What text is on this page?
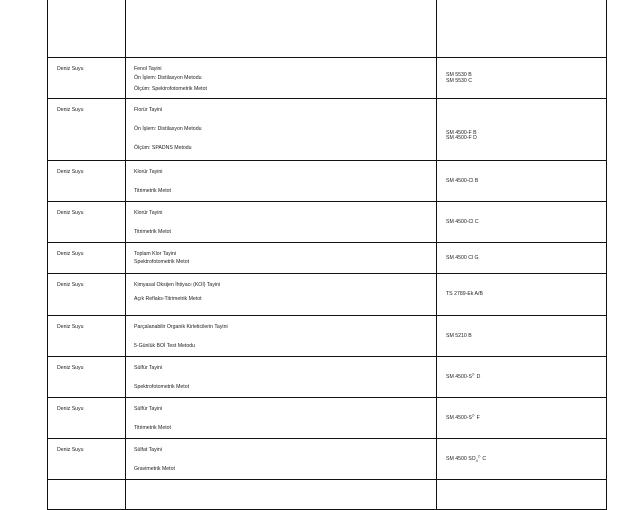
Deniz Suyu	Fenol Tayini
Ön İşlem: Distilasyon Metodu
Ölçüm: Spektrofotometrik Metot	SM 5530 B
SM 5530 C

Deniz Suyu	Florür Tayini
Ön İşlem: Distilasyon Metodu
Ölçüm: SPADNS Metodu	SM 4500-F B
SM 4500-F D

Deniz Suyu	Klorür Tayini
Titrimetrik Metot	SM 4500-Cl B

Deniz Suyu	Klorür Tayini
Titrimetrik Metot	SM 4500-Cl C

Deniz Suyu	Toplam Klor Tayini
Spektrofotometrik Metot	SM 4500 Cl G

Deniz Suyu	Kimyasal Oksijen İhtiyacı (KOİ) Tayini
Açık Reflaks-Titrimetrik Metot	TS 2789-Ek A/B

Deniz Suyu	Parçalanabilir Organik Kirleticilerin Tayini
5-Günlük BOİ Test Metodu	SM 5210 B

Deniz Suyu	Sülfür Tayini
Spektrofotometrik Metot	SM $4500-S^{2-}$ D

Deniz Suyu	Sülfür Tayini
Titrimetrik Metot	SM $4500-S^{2-}$ F

Deniz Suyu	Sülfat Tayini
Gravimetrik Metot	SM 4500 $SO_4^{2-}$ C
